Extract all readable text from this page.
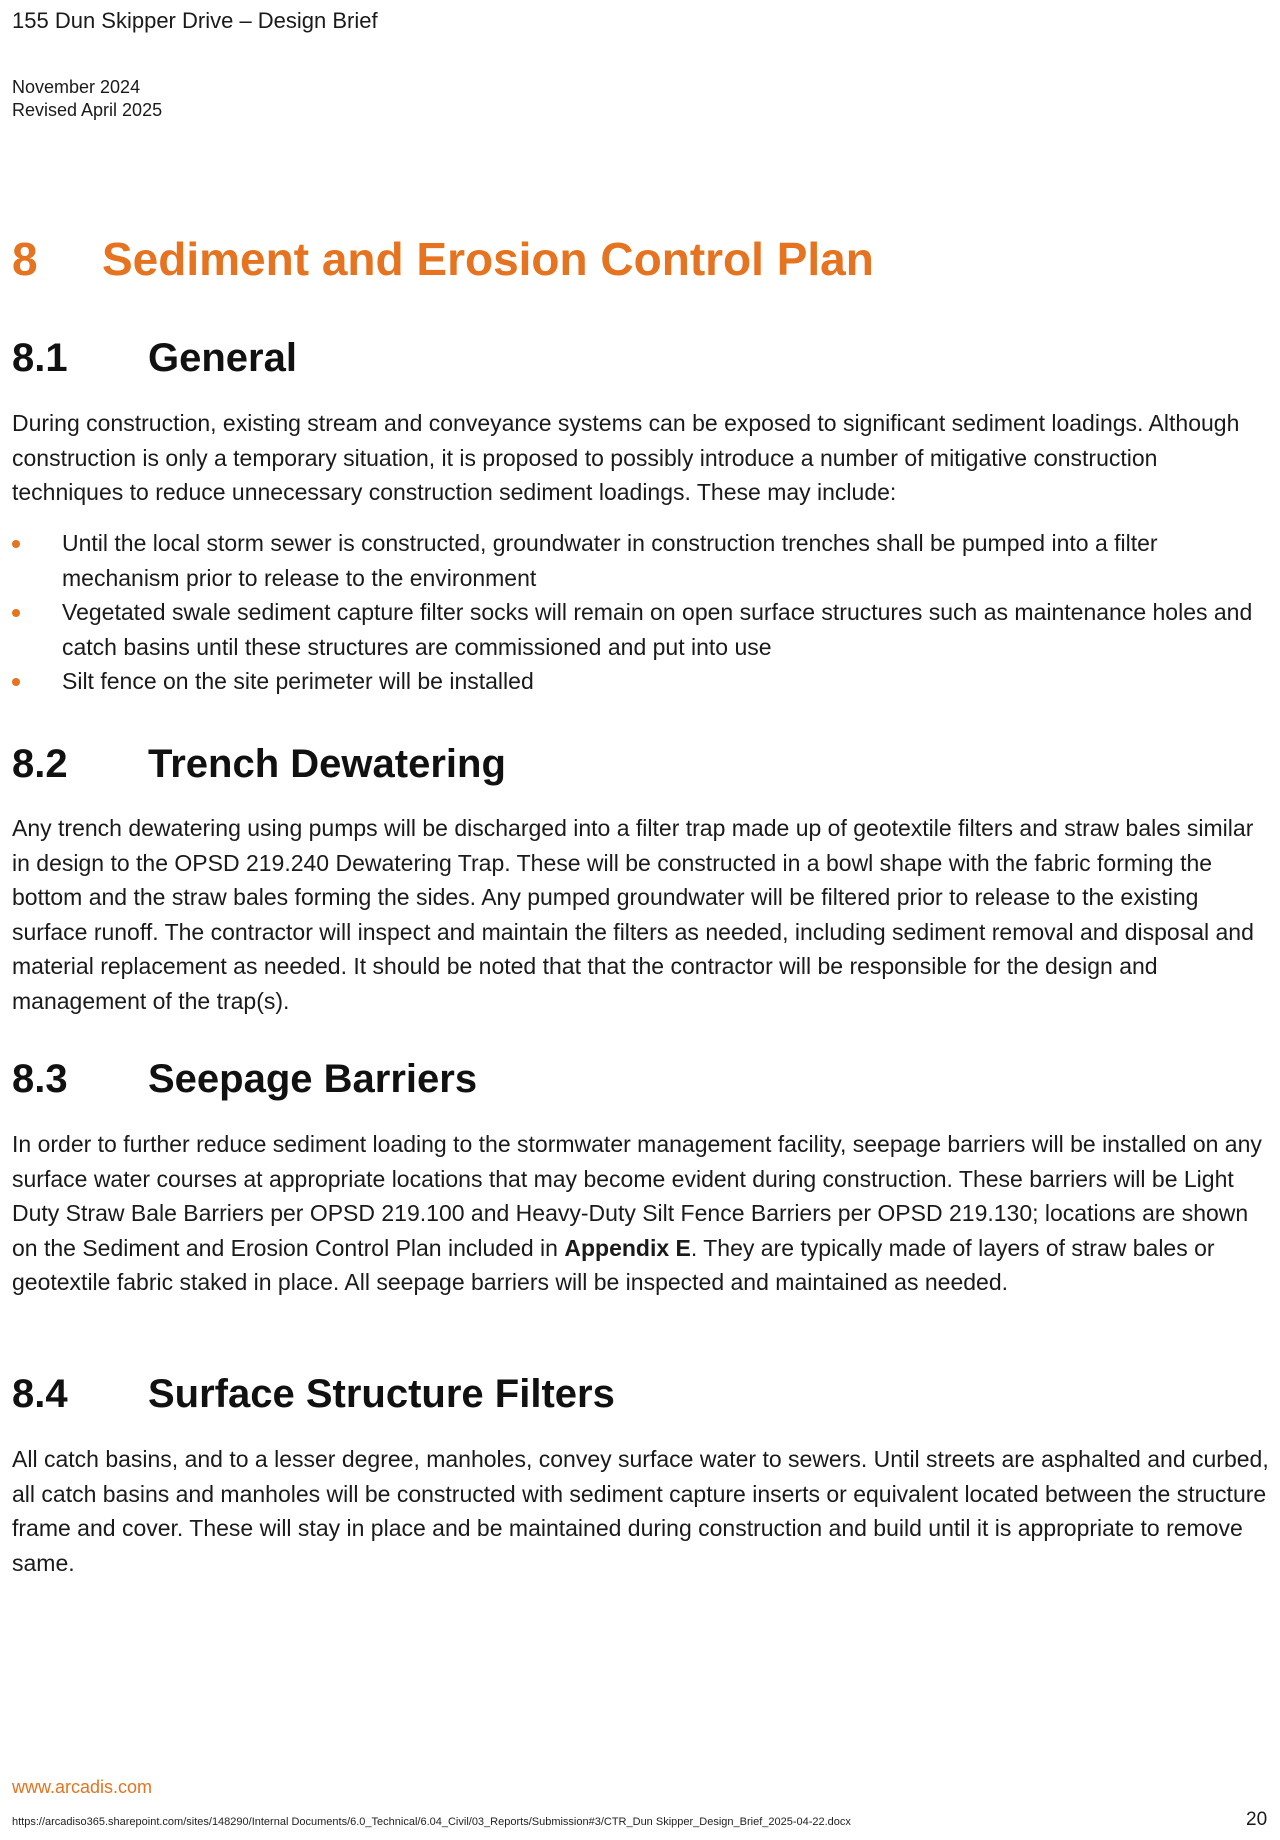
155 Dun Skipper Drive – Design Brief
November 2024
Revised April 2025
8 Sediment and Erosion Control Plan
8.1 General
During construction, existing stream and conveyance systems can be exposed to significant sediment loadings. Although construction is only a temporary situation, it is proposed to possibly introduce a number of mitigative construction techniques to reduce unnecessary construction sediment loadings. These may include:
Until the local storm sewer is constructed, groundwater in construction trenches shall be pumped into a filter mechanism prior to release to the environment
Vegetated swale sediment capture filter socks will remain on open surface structures such as maintenance holes and catch basins until these structures are commissioned and put into use
Silt fence on the site perimeter will be installed
8.2 Trench Dewatering
Any trench dewatering using pumps will be discharged into a filter trap made up of geotextile filters and straw bales similar in design to the OPSD 219.240 Dewatering Trap. These will be constructed in a bowl shape with the fabric forming the bottom and the straw bales forming the sides. Any pumped groundwater will be filtered prior to release to the existing surface runoff. The contractor will inspect and maintain the filters as needed, including sediment removal and disposal and material replacement as needed. It should be noted that that the contractor will be responsible for the design and management of the trap(s).
8.3 Seepage Barriers
In order to further reduce sediment loading to the stormwater management facility, seepage barriers will be installed on any surface water courses at appropriate locations that may become evident during construction. These barriers will be Light Duty Straw Bale Barriers per OPSD 219.100 and Heavy-Duty Silt Fence Barriers per OPSD 219.130; locations are shown on the Sediment and Erosion Control Plan included in Appendix E. They are typically made of layers of straw bales or geotextile fabric staked in place. All seepage barriers will be inspected and maintained as needed.
8.4 Surface Structure Filters
All catch basins, and to a lesser degree, manholes, convey surface water to sewers. Until streets are asphalted and curbed, all catch basins and manholes will be constructed with sediment capture inserts or equivalent located between the structure frame and cover. These will stay in place and be maintained during construction and build until it is appropriate to remove same.
www.arcadis.com
https://arcadiso365.sharepoint.com/sites/148290/Internal Documents/6.0_Technical/6.04_Civil/03_Reports/Submission#3/CTR_Dun Skipper_Design_Brief_2025-04-22.docx	20
